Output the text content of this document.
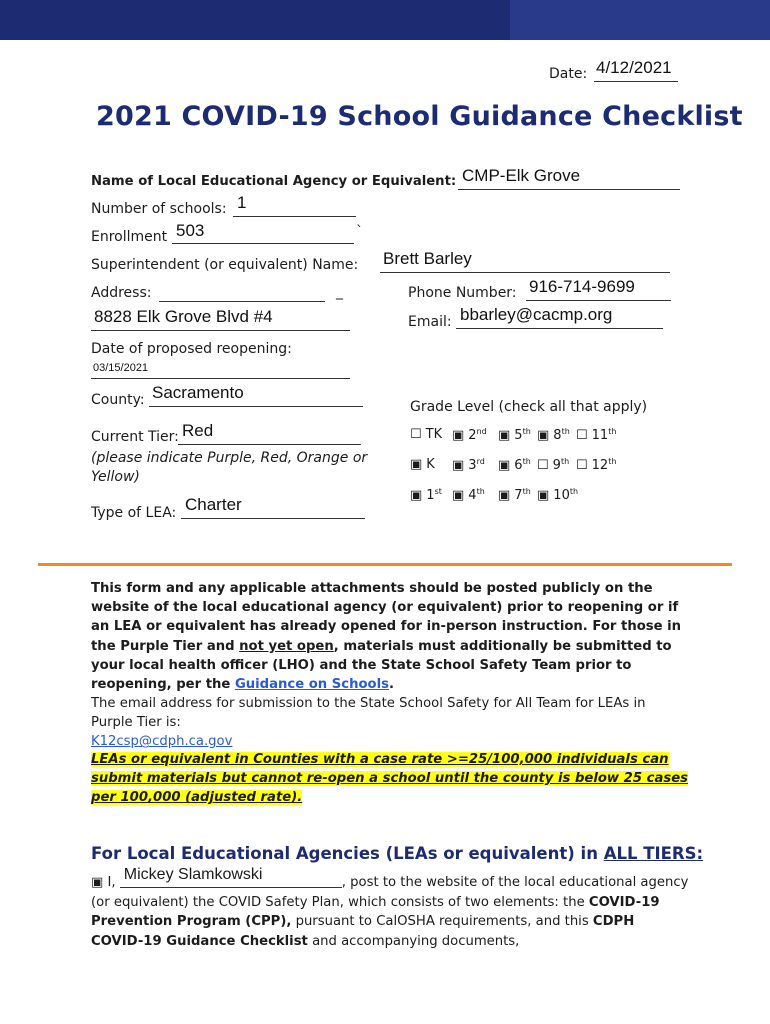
Date: 4/12/2021
2021 COVID-19 School Guidance Checklist
Name of Local Educational Agency or Equivalent: CMP-Elk Grove
Number of schools: 1
Enrollment 503	`
Superintendent (or equivalent) Name: Brett Barley
Address:	_
8828 Elk Grove Blvd #4
Phone Number: 916-714-9699
Email: bbarley@cacmp.org
Date of proposed reopening:
03/15/2021
County: Sacramento
Grade Level (check all that apply)
Current Tier: Red
(please indicate Purple, Red, Orange or Yellow)
Type of LEA: Charter
☐ TK ▣ 2nd ▣ 5th ▣ 8th ☐ 11th
▣ K ▣ 3rd ▣ 6th ☐ 9th ☐ 12th
▣ 1st ▣ 4th ▣ 7th ▣ 10th
This form and any applicable attachments should be posted publicly on the website of the local educational agency (or equivalent) prior to reopening or if an LEA or equivalent has already opened for in-person instruction. For those in the Purple Tier and not yet open, materials must additionally be submitted to your local health officer (LHO) and the State School Safety Team prior to reopening, per the Guidance on Schools.
The email address for submission to the State School Safety for All Team for LEAs in Purple Tier is:
K12csp@cdph.ca.gov
LEAs or equivalent in Counties with a case rate >=25/100,000 individuals can submit materials but cannot re-open a school until the county is below 25 cases per 100,000 (adjusted rate).
For Local Educational Agencies (LEAs or equivalent) in ALL TIERS:
▣ I, Mickey Slamkowski	, post to the website of the local educational agency (or equivalent) the COVID Safety Plan, which consists of two elements: the COVID-19 Prevention Program (CPP), pursuant to CalOSHA requirements, and this CDPH COVID-19 Guidance Checklist and accompanying documents,
